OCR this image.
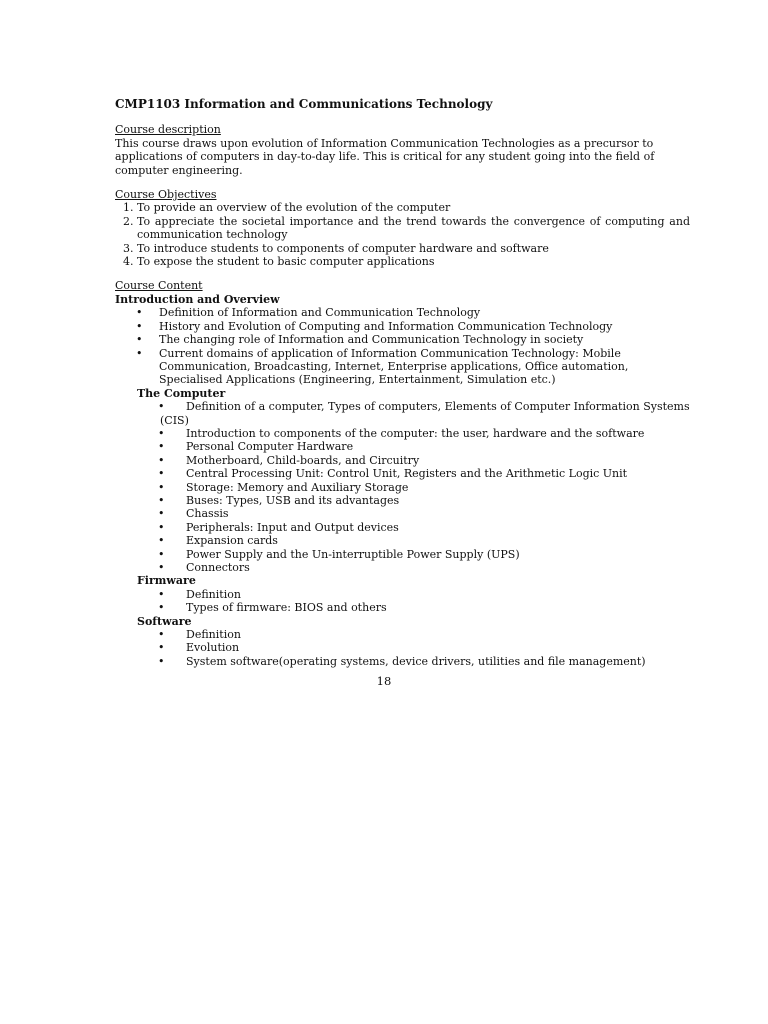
CMP1103 Information and Communications Technology
Course description
This course draws upon evolution of Information Communication Technologies as a precursor to applications of computers in day-to-day life. This is critical for any student going into the field of computer engineering.
Course Objectives
1. To provide an overview of the evolution of the computer
2. To appreciate the societal importance and the trend towards the convergence of computing and communication technology
3. To introduce students to components of computer hardware and software
4. To expose the student to basic computer applications
Course Content
Introduction and Overview
• Definition of Information and Communication Technology
• History and Evolution of Computing and Information Communication Technology
• The changing role of Information and Communication Technology in society
• Current domains of application of Information Communication Technology: Mobile Communication, Broadcasting, Internet, Enterprise applications, Office automation, Specialised Applications (Engineering, Entertainment, Simulation etc.)
The Computer
• Definition of a computer, Types of computers, Elements of Computer Information Systems (CIS)
• Introduction to components of the computer: the user, hardware and the software
• Personal Computer Hardware
• Motherboard, Child-boards, and Circuitry
• Central Processing Unit: Control Unit, Registers and the Arithmetic Logic Unit
• Storage: Memory and Auxiliary Storage
• Buses: Types, USB and its advantages
• Chassis
• Peripherals: Input and Output devices
• Expansion cards
• Power Supply and the Un-interruptible Power Supply (UPS)
• Connectors
Firmware
• Definition
• Types of firmware: BIOS and others
Software
• Definition
• Evolution
• System software(operating systems, device drivers, utilities and file management)
18
